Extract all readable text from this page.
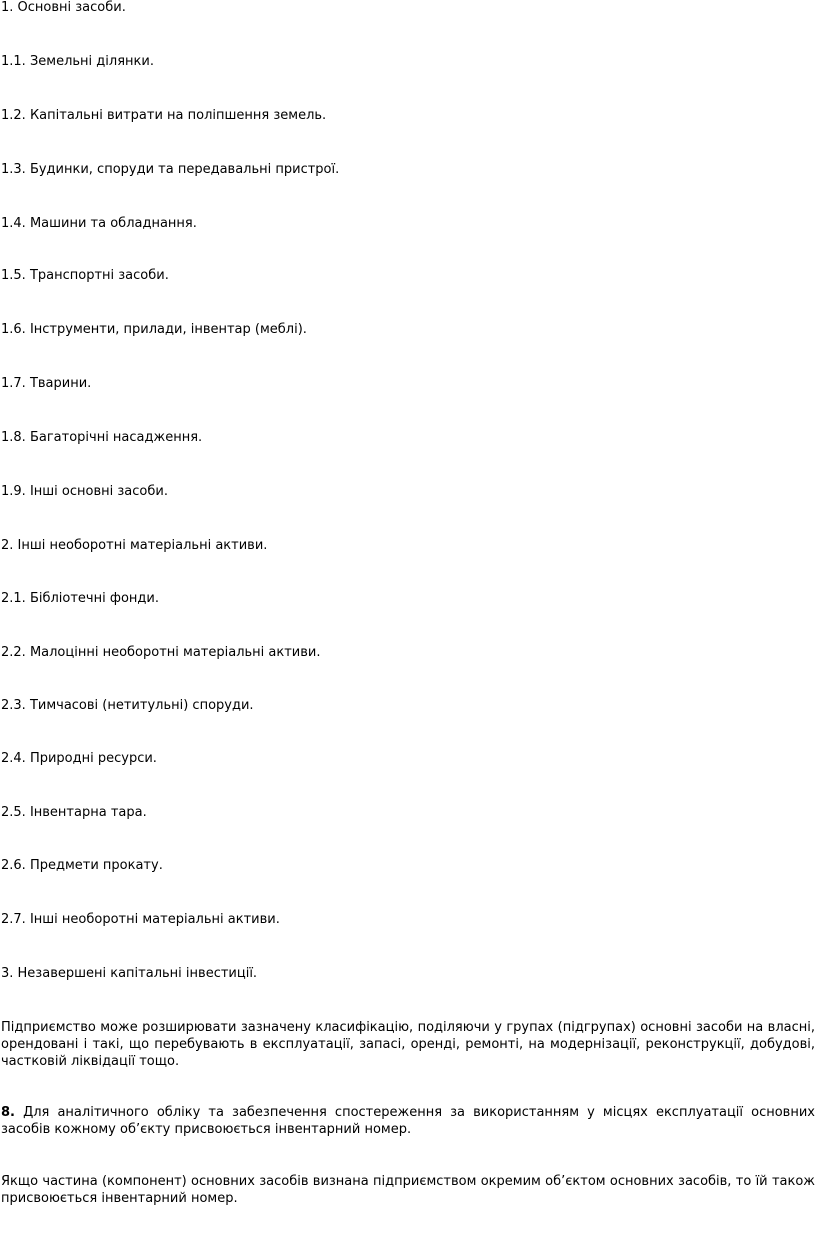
1. Основні засоби.

1.1. Земельні ділянки.

1.2. Капітальні витрати на поліпшення земель.

1.3. Будинки, споруди та передавальні пристрої.

1.4. Машини та обладнання.

1.5. Транспортні засоби.

1.6. Інструменти, прилади, інвентар (меблі).

1.7. Тварини.

1.8. Багаторічні насадження.

1.9. Інші основні засоби.

2. Інші необоротні матеріальні активи.

2.1. Бібліотечні фонди.

2.2. Малоцінні необоротні матеріальні активи.

2.3. Тимчасові (нетитульні) споруди.

2.4. Природні ресурси.

2.5. Інвентарна тара.

2.6. Предмети прокату.

2.7. Інші необоротні матеріальні активи.

3. Незавершені капітальні інвестиції.

Підприємство може розширювати зазначену класифікацію, поділяючи у групах (підгрупах) основні засоби на власні, орендовані і такі, що перебувають в експлуатації, запасі, оренді, ремонті, на модернізації, реконструкції, добудові, частковій ліквідації тощо.

8. Для аналітичного обліку та забезпечення спостереження за використанням у місцях експлуатації основних засобів кожному об’єкту присвоюється інвентарний номер.

Якщо частина (компонент) основних засобів визнана підприємством окремим об’єктом основних засобів, то їй також присвоюється інвентарний номер.
